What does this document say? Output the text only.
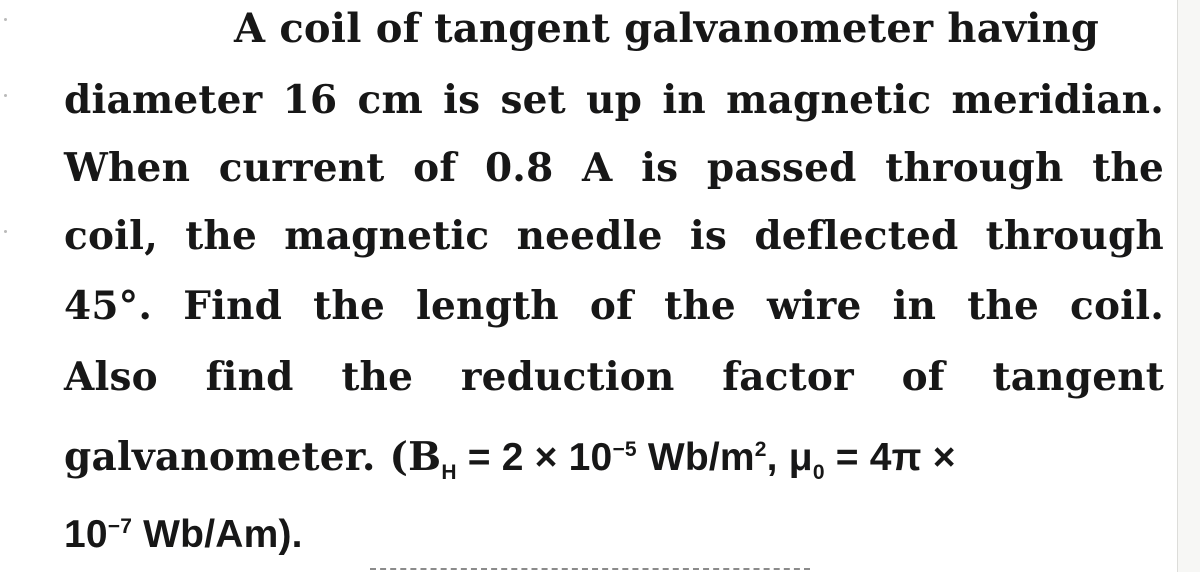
A coil of tangent galvanometer having
diameter 16 cm is set up in magnetic meridian.
When current of 0.8 A is passed through the
coil, the magnetic needle is deflected through
45°. Find the length of the wire in the coil.
Also find the reduction factor of tangent
galvanometer. ($B_H = 2 \times 10^{-5}$ $Wb/m^2$, $\mu_0 = 4\pi$ ×
$10^{-7}$ Wb/Am).
